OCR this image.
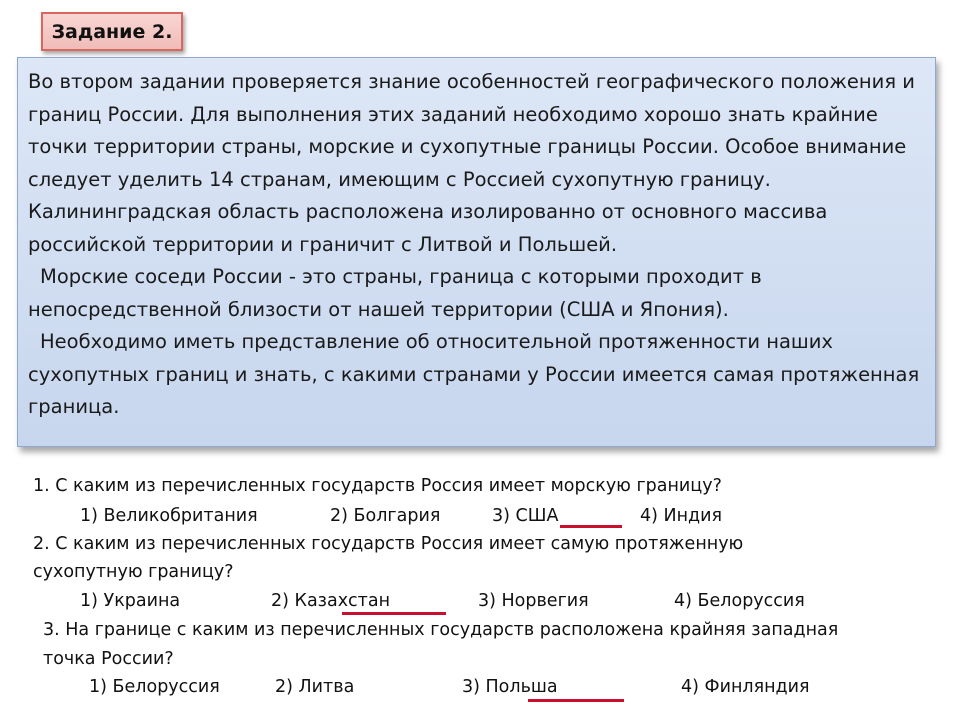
Задание 2.

Во втором задании проверяется знание особенностей географического положения и границ России. Для выполнения этих заданий необходимо хорошо знать крайние точки территории страны, морские и сухопутные границы России. Особое внимание следует уделить 14 странам, имеющим с Россией сухопутную границу. Калининградская область расположена изолированно от основного массива российской территории и граничит с Литвой и Польшей.

Морские соседи России - это страны, граница с которыми проходит в непосредственной близости от нашей территории (США и Япония).

Необходимо иметь представление об относительной протяженности наших сухопутных границ и знать, с какими странами у России имеется самая протяженная граница.

1. С каким из перечисленных государств Россия имеет морскую границу?
1) Великобритания	2) Болгария	3) США	4) Индия
2. С каким из перечисленных государств Россия имеет самую протяженную
сухопутную границу?
1) Украина	2) Казахстан	3) Норвегия	4) Белоруссия
3. На границе с каким из перечисленных государств расположена крайняя западная
точка России?
1) Белоруссия	2) Литва	3) Польша	4) Финляндия
